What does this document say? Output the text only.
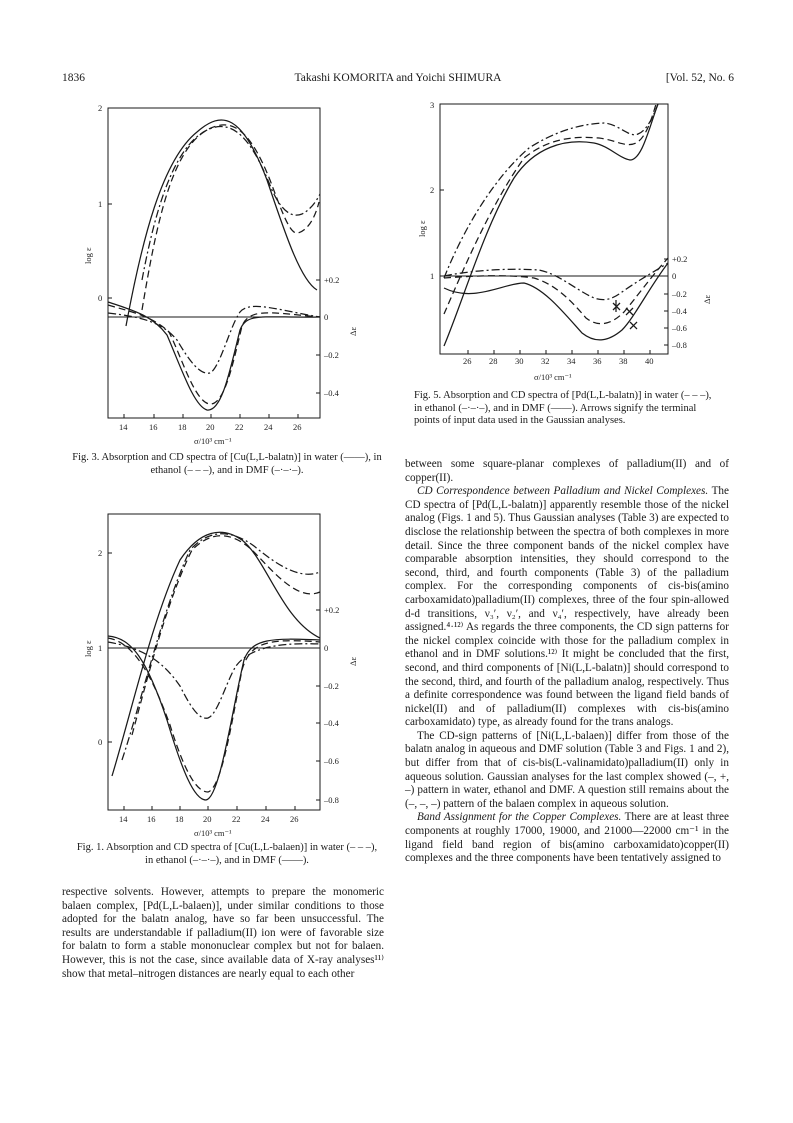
1836	Takashi KOMORITA and Yoichi SHIMURA	[Vol. 52, No. 6
2
1
0
log ε
+0.2
0
–0.2
–0.4
Δε
14	16 18 20 22 24 26
σ/10³ cm⁻¹
Fig. 3. Absorption and CD spectra of [Cu(L,L-balatn)] in water (——), in ethanol (– – –), and in DMF (–·–·–).
2
1
0
log ε
+0.2
0
–0.2
–0.4
–0.6
–0.8
Δε
14 16 18 20 22 24 26
σ/10³ cm⁻¹
Fig. 1. Absorption and CD spectra of [Cu(L,L-balaen)] in water (– – –), in ethanol (–·–·–), and in DMF (——).
3
2
1
log ε
+0.2
0
–0.2
–0.4
–0.6
–0.8
Δε
26 28 30 32 34 36 38 40
σ/10³ cm⁻¹
Fig. 5. Absorption and CD spectra of [Pd(L,L-balatn)] in water (– – –), in ethanol (–·–·–), and in DMF (——). Arrows signify the terminal points of input data used in the Gaussian analyses.

respective solvents. However, attempts to prepare the monomeric balaen complex, [Pd(L,L-balaen)], under similar conditions to those adopted for the balatn analog, have so far been unsuccessful. The results are understandable if palladium(II) ion were of favorable size for balatn to form a stable mononuclear complex but not for balaen. However, this is not the case, since available data of X-ray analyses¹¹⁾ show that metal–nitrogen distances are nearly equal to each other

between some square-planar complexes of palladium(II) and of copper(II).

CD Correspondence between Palladium and Nickel Complexes. The CD spectra of [Pd(L,L-balatn)] apparently resemble those of the nickel analog (Figs. 1 and 5). Thus Gaussian analyses (Table 3) are expected to disclose the relationship between the spectra of both complexes in more detail. Since the three component bands of the nickel complex have comparable absorption intensities, they should correspond to the second, third, and fourth components (Table 3) of the palladium complex. For the corresponding components of cis-bis(amino carboxamidato)palladium(II) complexes, three of the four spin-allowed d-d transitions, ν₃′, ν₂′, and ν₄′, respectively, have already been assigned.⁴·¹²⁾ As regards the three components, the CD sign patterns for the nickel complex coincide with those for the palladium complex in ethanol and in DMF solutions.¹²⁾ It might be concluded that the first, second, and third components of [Ni(L,L-balatn)] should correspond to the second, third, and fourth of the palladium analog, respectively. Thus a definite correspondence was found between the ligand field bands of nickel(II) and of palladium(II) complexes with cis-bis(amino carboxamidato) type, as already found for the trans analogs.

The CD-sign patterns of [Ni(L,L-balaen)] differ from those of the balatn analog in aqueous and DMF solution (Table 3 and Figs. 1 and 2), but differ from that of cis-bis(L-valinamidato)palladium(II) only in aqueous solution. Gaussian analyses for the last complex showed (–, +, –) pattern in water, ethanol and DMF. A question still remains about the (–, –, –) pattern of the balaen complex in aqueous solution.

Band Assignment for the Copper Complexes. There are at least three components at roughly 17000, 19000, and 21000—22000 cm⁻¹ in the ligand field band region of bis(amino carboxamidato)copper(II) complexes and the three components have been tentatively assigned to
